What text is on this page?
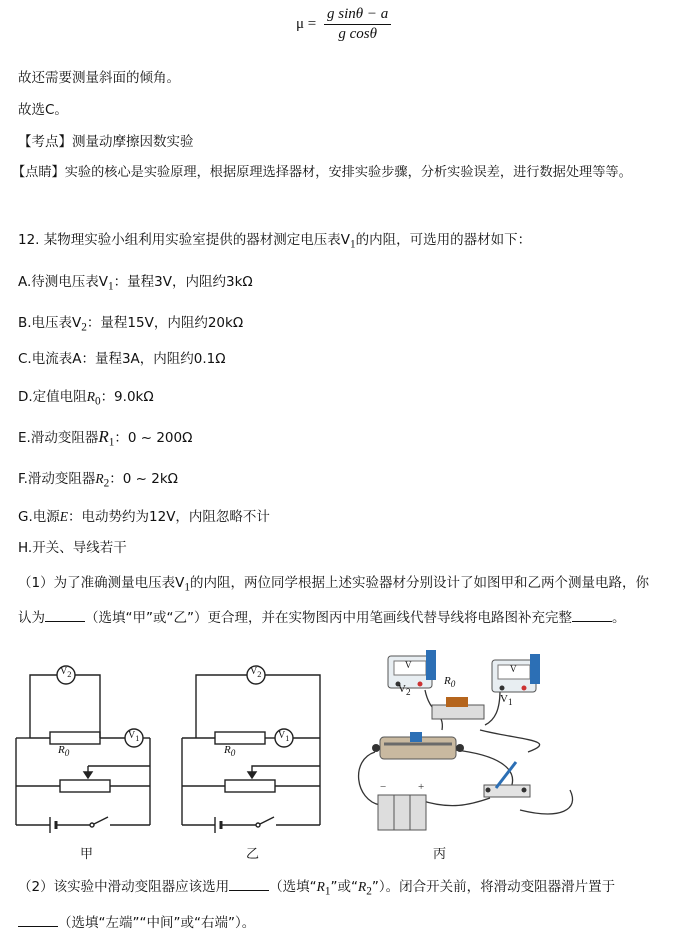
$\mu = \frac{\text{g sinθ − a}}{\text{g cosθ}}$
故还需要测量斜面的倾角。
故选C。
【考点】测量动摩擦因数实验
【点睛】实验的核心是实验原理，根据原理选择器材，安排实验步骤，分析实验误差，进行数据处理等等。
12. 某物理实验小组利用实验室提供的器材测定电压表$V_1$的内阻，可选用的器材如下：
A.待测电压表$V_1$：量程3V，内阻约3kΩ
B.电压表$V_2$：量程15V，内阻约20kΩ
C.电流表A：量程3A，内阻约0.1Ω
D.定值电阻$R_0$：9.0kΩ
E.滑动变阻器$R_1$：0 ~ 200Ω
F.滑动变阻器$R_2$：0 ~ 2kΩ
G.电源E：电动势约为12V，内阻忽略不计
H.开关、导线若干
（1）为了准确测量电压表$V_1$的内阻，两位同学根据上述实验器材分别设计了如图甲和乙两个测量电路，你
认为	（选填“甲”或“乙”）更合理，并在实物图丙中用笔画线代替导线将电路图补充完整	。
−	+
$V_2$
$V_1$
$R_0$
$V_2$
$V_1$
$R_0$
V	V
$V_2$
$V_1$
$R_0$
甲	乙	丙
（2）该实验中滑动变阻器应该选用	（选填“$R_1$”或“$R_2$”）。闭合开关前，将滑动变阻器滑片置于
（选填“左端”“中间”或“右端”）。
